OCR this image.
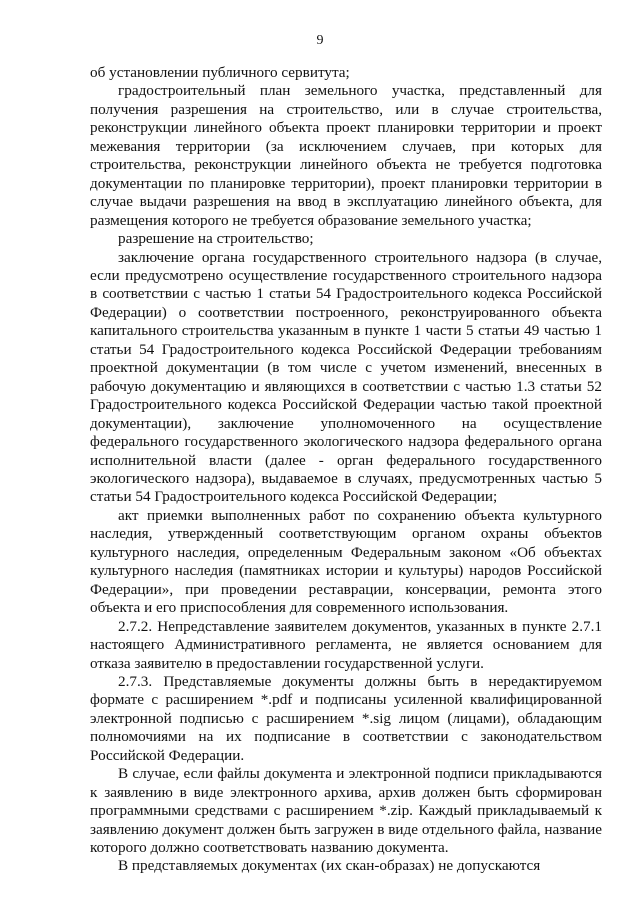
9

об установлении публичного сервитута;

градостроительный план земельного участка, представленный для получения разрешения на строительство, или в случае строительства, реконструкции линейного объекта проект планировки территории и проект межевания территории (за исключением случаев, при которых для строительства, реконструкции линейного объекта не требуется подготовка документации по планировке территории), проект планировки территории в случае выдачи разрешения на ввод в эксплуатацию линейного объекта, для размещения которого не требуется образование земельного участка;

разрешение на строительство;

заключение органа государственного строительного надзора (в случае, если предусмотрено осуществление государственного строительного надзора в соответствии с частью 1 статьи 54 Градостроительного кодекса Российской Федерации) о соответствии построенного, реконструированного объекта капитального строительства указанным в пункте 1 части 5 статьи 49 частью 1 статьи 54 Градостроительного кодекса Российской Федерации требованиям проектной документации (в том числе с учетом изменений, внесенных в рабочую документацию и являющихся в соответствии с частью 1.3 статьи 52 Градостроительного кодекса Российской Федерации частью такой проектной документации), заключение уполномоченного на осуществление федерального государственного экологического надзора федерального органа исполнительной власти (далее - орган федерального государственного экологического надзора), выдаваемое в случаях, предусмотренных частью 5 статьи 54 Градостроительного кодекса Российской Федерации;

акт приемки выполненных работ по сохранению объекта культурного наследия, утвержденный соответствующим органом охраны объектов культурного наследия, определенным Федеральным законом «Об объектах культурного наследия (памятниках истории и культуры) народов Российской Федерации», при проведении реставрации, консервации, ремонта этого объекта и его приспособления для современного использования.

2.7.2. Непредставление заявителем документов, указанных в пункте 2.7.1 настоящего Административного регламента, не является основанием для отказа заявителю в предоставлении государственной услуги.

2.7.3. Представляемые документы должны быть в нередактируемом формате с расширением *.pdf и подписаны усиленной квалифицированной электронной подписью с расширением *.sig лицом (лицами), обладающим полномочиями на их подписание в соответствии с законодательством Российской Федерации.

В случае, если файлы документа и электронной подписи прикладываются к заявлению в виде электронного архива, архив должен быть сформирован программными средствами с расширением *.zip. Каждый прикладываемый к заявлению документ должен быть загружен в виде отдельного файла, название которого должно соответствовать названию документа.

В представляемых документах (их скан-образах) не допускаются
